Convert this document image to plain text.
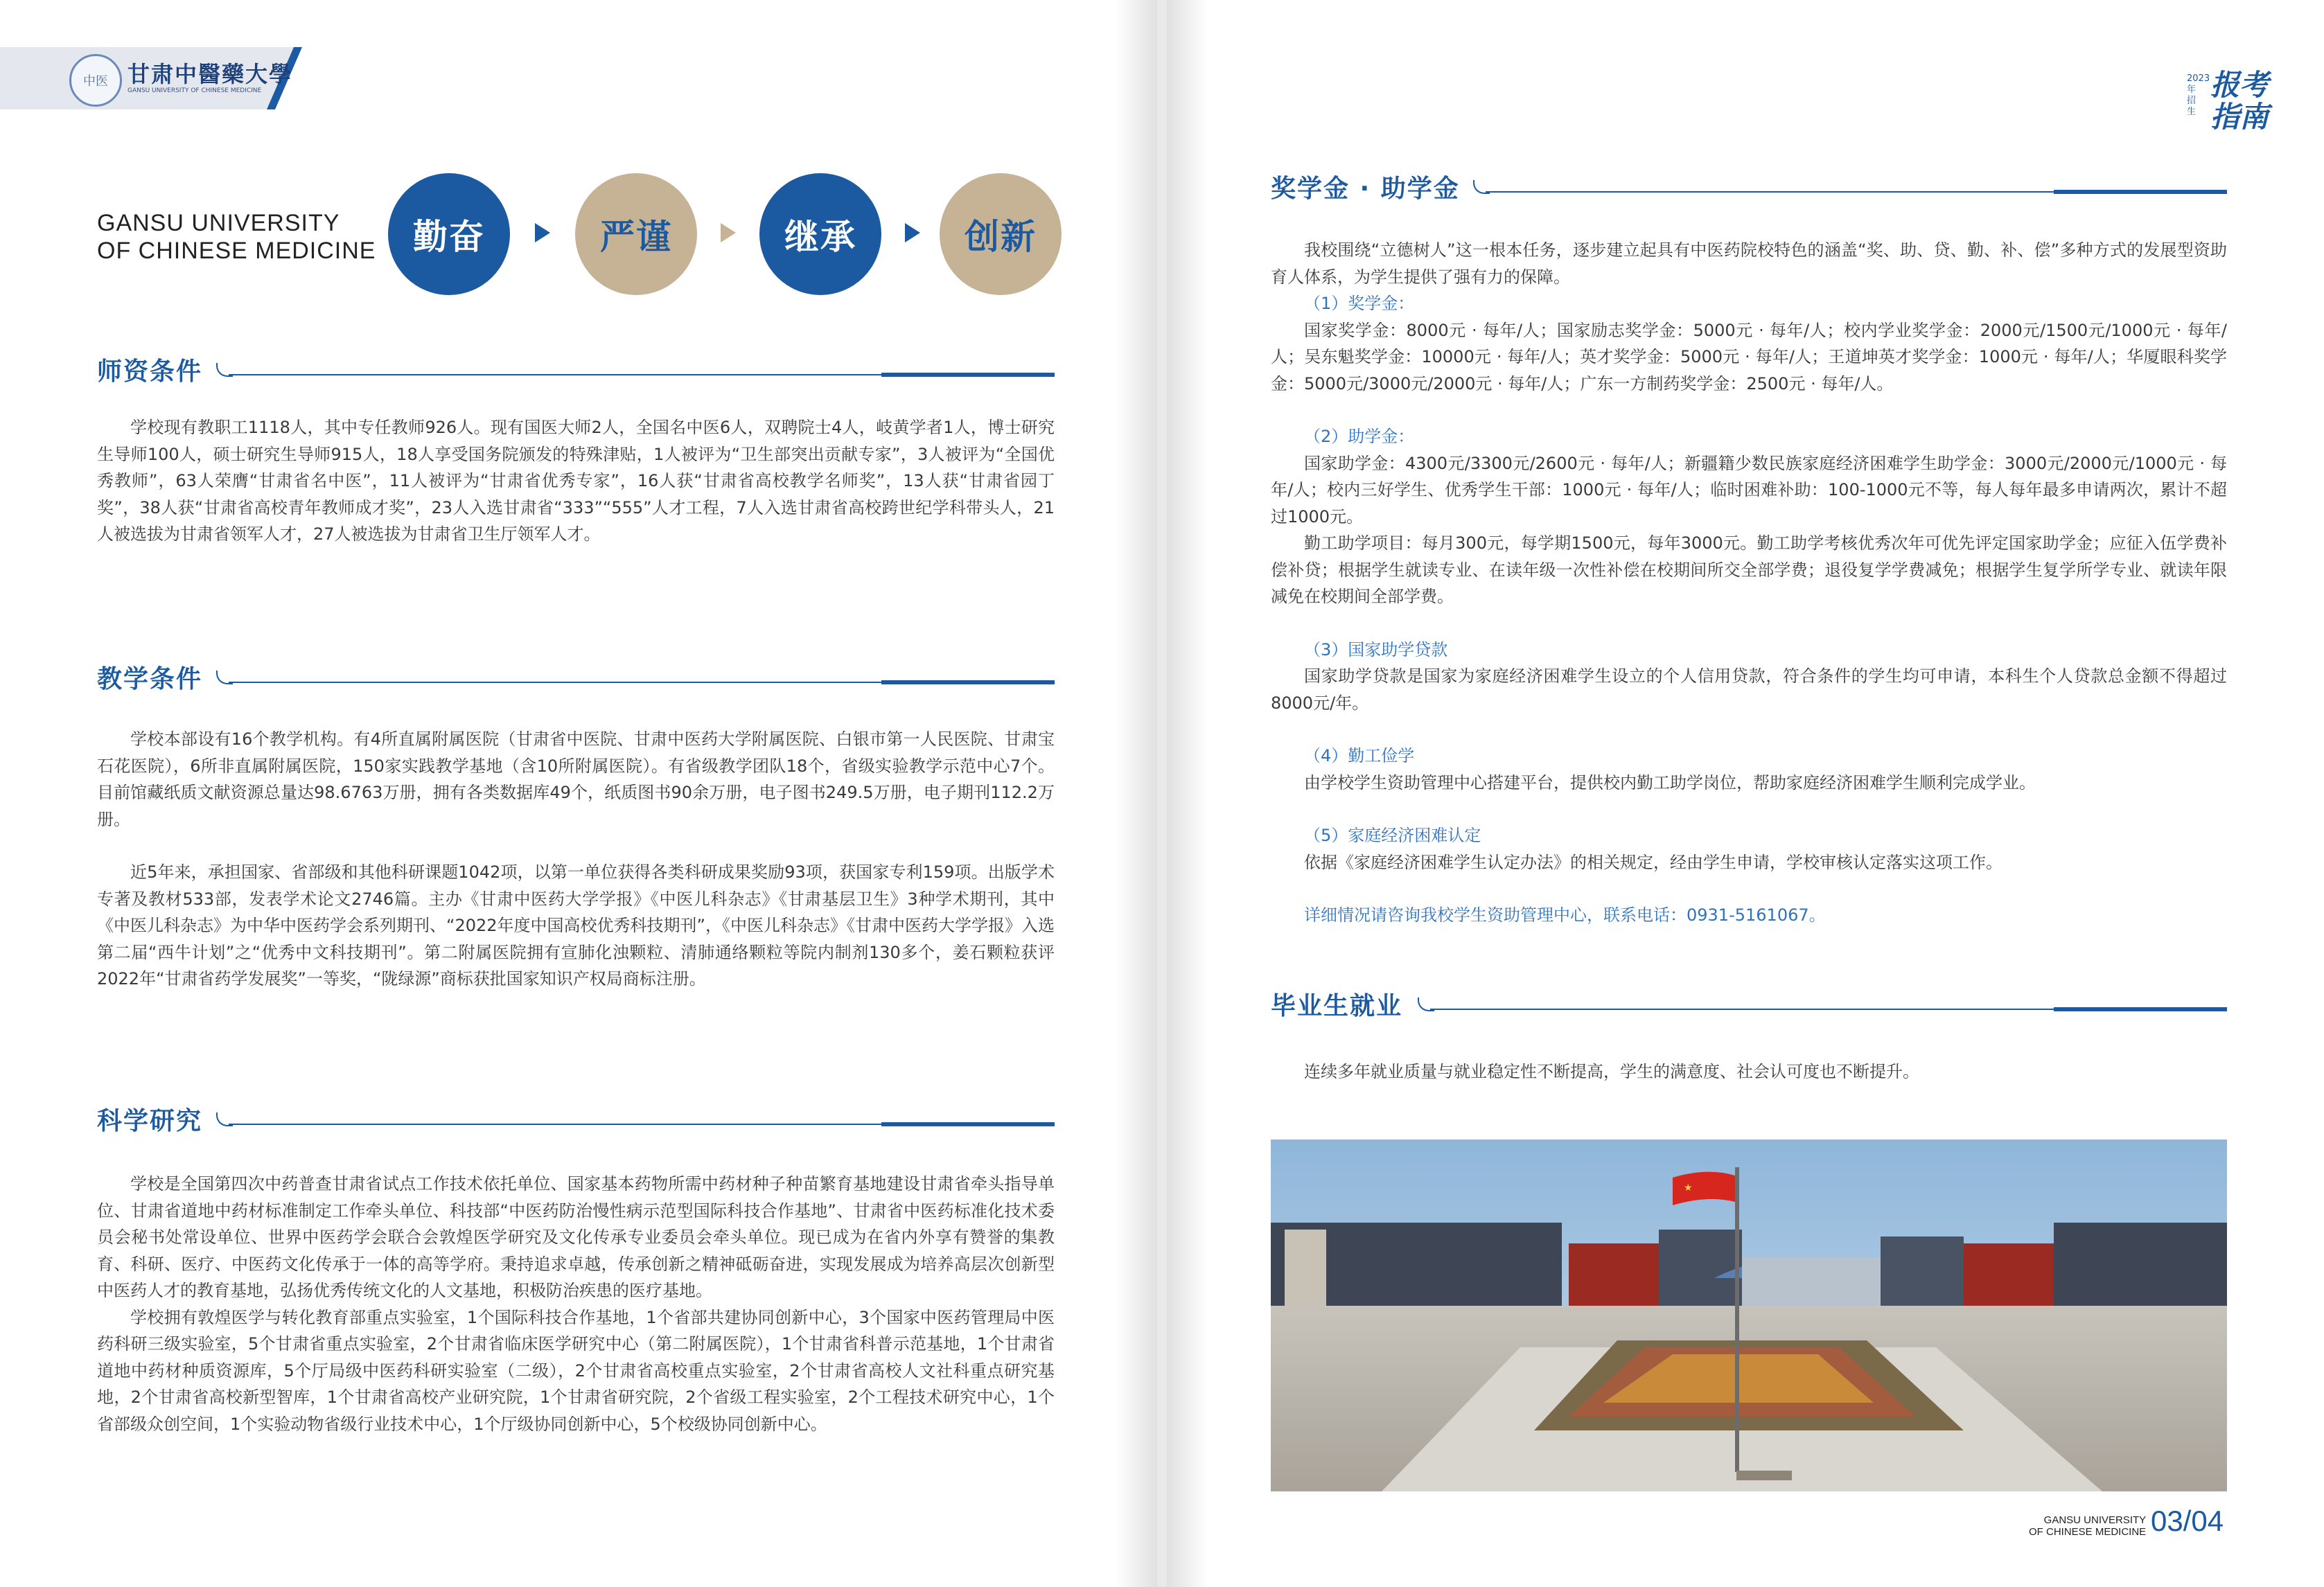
中医 甘肃中醫藥大學
GANSU UNIVERSITY OF CHINESE MEDICINE
GANSU UNIVERSITY
OF CHINESE MEDICINE	勤奋	严谨	继承	创新
师资条件

学校现有教职工1118人，其中专任教师926人。现有国医大师2人，全国名中医6人，双聘院士4人，岐黄学者1人，博士研究生导师100人，硕士研究生导师915人，18人享受国务院颁发的特殊津贴，1人被评为“卫生部突出贡献专家”，3人被评为“全国优秀教师”，63人荣膺“甘肃省名中医”，11人被评为“甘肃省优秀专家”，16人获“甘肃省高校教学名师奖”，13人获“甘肃省园丁奖”，38人获“甘肃省高校青年教师成才奖”，23人入选甘肃省“333”“555”人才工程，7人入选甘肃省高校跨世纪学科带头人，21人被选拔为甘肃省领军人才，27人被选拔为甘肃省卫生厅领军人才。

教学条件

学校本部设有16个教学机构。有4所直属附属医院（甘肃省中医院、甘肃中医药大学附属医院、白银市第一人民医院、甘肃宝石花医院），6所非直属附属医院，150家实践教学基地（含10所附属医院）。有省级教学团队18个，省级实验教学示范中心7个。目前馆藏纸质文献资源总量达98.6763万册，拥有各类数据库49个，纸质图书90余万册，电子图书249.5万册，电子期刊112.2万册。

近5年来，承担国家、省部级和其他科研课题1042项，以第一单位获得各类科研成果奖励93项，获国家专利159项。出版学术专著及教材533部，发表学术论文2746篇。主办《甘肃中医药大学学报》《中医儿科杂志》《甘肃基层卫生》3种学术期刊，其中《中医儿科杂志》为中华中医药学会系列期刊、“2022年度中国高校优秀科技期刊”，《中医儿科杂志》《甘肃中医药大学学报》入选第二届“西牛计划”之“优秀中文科技期刊”。第二附属医院拥有宣肺化浊颗粒、清肺通络颗粒等院内制剂130多个，姜石颗粒获评2022年“甘肃省药学发展奖”一等奖，“陇绿源”商标获批国家知识产权局商标注册。

科学研究

学校是全国第四次中药普查甘肃省试点工作技术依托单位、国家基本药物所需中药材种子种苗繁育基地建设甘肃省牵头指导单位、甘肃省道地中药材标准制定工作牵头单位、科技部“中医药防治慢性病示范型国际科技合作基地”、甘肃省中医药标准化技术委员会秘书处常设单位、世界中医药学会联合会敦煌医学研究及文化传承专业委员会牵头单位。现已成为在省内外享有赞誉的集教育、科研、医疗、中医药文化传承于一体的高等学府。秉持追求卓越，传承创新之精神砥砺奋进，实现发展成为培养高层次创新型中医药人才的教育基地，弘扬优秀传统文化的人文基地，积极防治疾患的医疗基地。

学校拥有敦煌医学与转化教育部重点实验室，1个国际科技合作基地，1个省部共建协同创新中心，3个国家中医药管理局中医药科研三级实验室，5个甘肃省重点实验室，2个甘肃省临床医学研究中心（第二附属医院），1个甘肃省科普示范基地，1个甘肃省道地中药材种质资源库，5个厅局级中医药科研实验室（二级），2个甘肃省高校重点实验室，2个甘肃省高校人文社科重点研究基地，2个甘肃省高校新型智库，1个甘肃省高校产业研究院，1个甘肃省研究院，2个省级工程实验室，2个工程技术研究中心，1个省部级众创空间，1个实验动物省级行业技术中心，1个厅级协同创新中心，5个校级协同创新中心。

2023年招生
报考
指南
奖学金 · 助学金

我校围绕“立德树人”这一根本任务，逐步建立起具有中医药院校特色的涵盖“奖、助、贷、勤、补、偿”多种方式的发展型资助育人体系，为学生提供了强有力的保障。

（1）奖学金：

国家奖学金：8000元 · 每年/人；国家励志奖学金：5000元 · 每年/人；校内学业奖学金：2000元/1500元/1000元 · 每年/人；吴东魁奖学金：10000元 · 每年/人；英才奖学金：5000元 · 每年/人；王道坤英才奖学金：1000元 · 每年/人；华厦眼科奖学金：5000元/3000元/2000元 · 每年/人；广东一方制药奖学金：2500元 · 每年/人。

（2）助学金：

国家助学金：4300元/3300元/2600元 · 每年/人；新疆籍少数民族家庭经济困难学生助学金：3000元/2000元/1000元 · 每年/人；校内三好学生、优秀学生干部：1000元 · 每年/人；临时困难补助：100-1000元不等，每人每年最多申请两次，累计不超过1000元。

勤工助学项目：每月300元，每学期1500元，每年3000元。勤工助学考核优秀次年可优先评定国家助学金；应征入伍学费补偿补贷；根据学生就读专业、在读年级一次性补偿在校期间所交全部学费；退役复学学费减免；根据学生复学所学专业、就读年限减免在校期间全部学费。

（3）国家助学贷款

国家助学贷款是国家为家庭经济困难学生设立的个人信用贷款，符合条件的学生均可申请，本科生个人贷款总金额不得超过8000元/年。

（4）勤工俭学

由学校学生资助管理中心搭建平台，提供校内勤工助学岗位，帮助家庭经济困难学生顺利完成学业。

（5）家庭经济困难认定

依据《家庭经济困难学生认定办法》的相关规定，经由学生申请，学校审核认定落实这项工作。

详细情况请咨询我校学生资助管理中心，联系电话：0931-5161067。

毕业生就业

连续多年就业质量与就业稳定性不断提高，学生的满意度、社会认可度也不断提升。

★
GANSU UNIVERSITY
OF CHINESE MEDICINE 03/04
